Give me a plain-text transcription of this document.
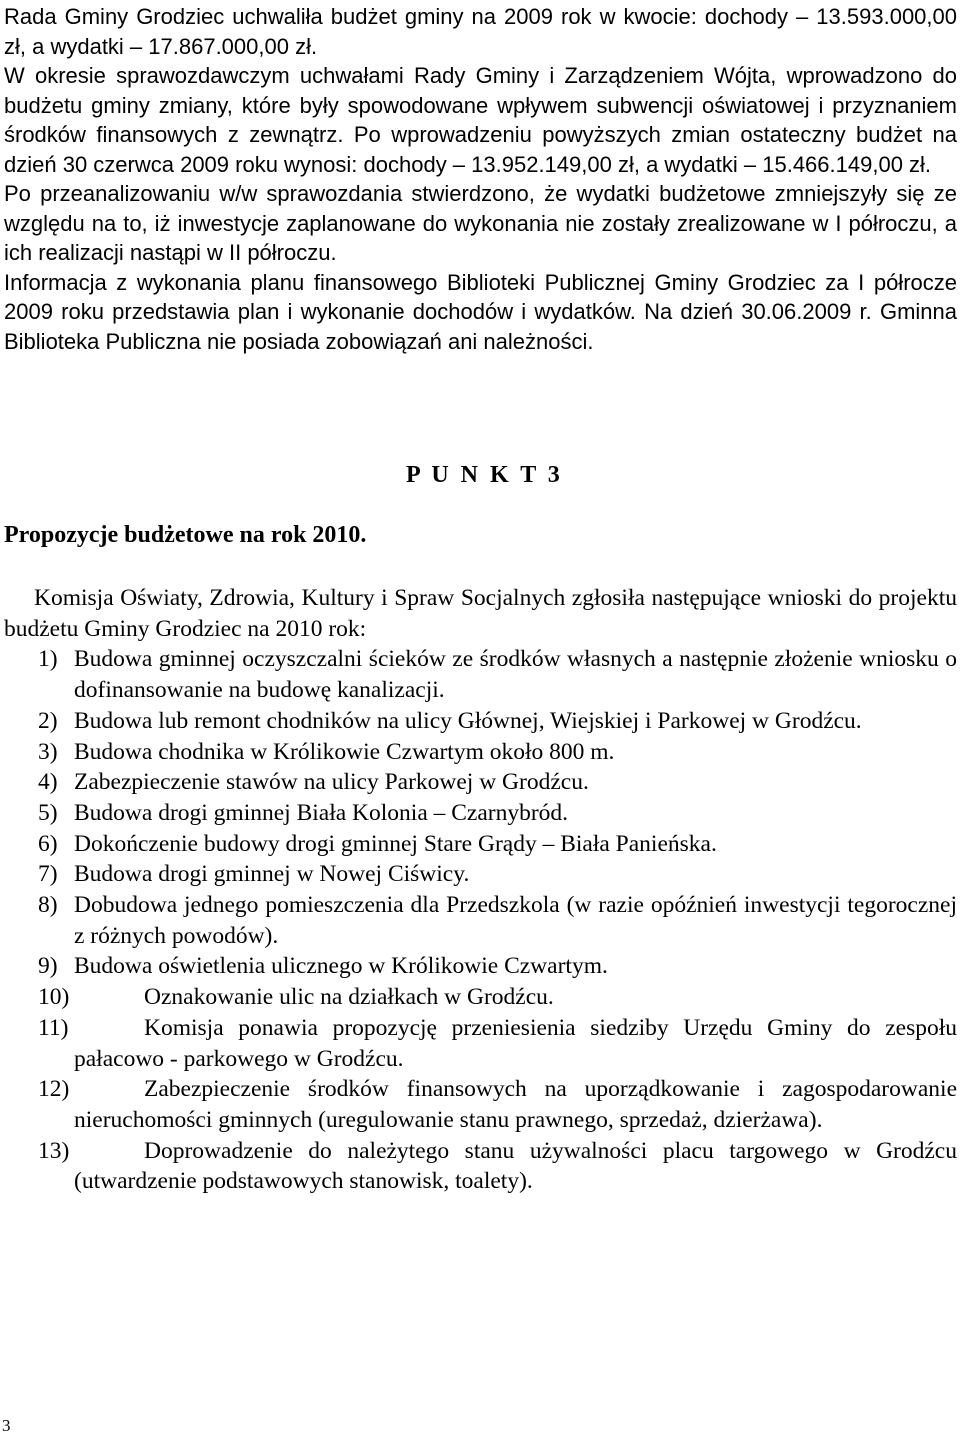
Rada Gminy Grodziec uchwaliła budżet gminy na 2009 rok w kwocie: dochody – 13.593.000,00 zł, a wydatki – 17.867.000,00 zł.

W okresie sprawozdawczym uchwałami Rady Gminy i Zarządzeniem Wójta, wprowadzono do budżetu gminy zmiany, które były spowodowane wpływem subwencji oświatowej i przyznaniem środków finansowych z zewnątrz. Po wprowadzeniu powyższych zmian ostateczny budżet na dzień 30 czerwca 2009 roku wynosi: dochody – 13.952.149,00 zł, a wydatki – 15.466.149,00 zł.

Po przeanalizowaniu w/w sprawozdania stwierdzono, że wydatki budżetowe zmniejszyły się ze względu na to, iż inwestycje zaplanowane do wykonania nie zostały zrealizowane w I półroczu, a ich realizacji nastąpi w II półroczu.

Informacja z wykonania planu finansowego Biblioteki Publicznej Gminy Grodziec za I półrocze 2009 roku przedstawia plan i wykonanie dochodów i wydatków. Na dzień 30.06.2009 r. Gminna Biblioteka Publiczna nie posiada zobowiązań ani należności.

P U N K T 3
Propozycje budżetowe na rok 2010.

Komisja Oświaty, Zdrowia, Kultury i Spraw Socjalnych zgłosiła następujące wnioski do projektu budżetu Gminy Grodziec na 2010 rok:

1) Budowa gminnej oczyszczalni ścieków ze środków własnych a następnie złożenie wniosku o dofinansowanie na budowę kanalizacji.
2) Budowa lub remont chodników na ulicy Głównej, Wiejskiej i Parkowej w Grodźcu.
3) Budowa chodnika w Królikowie Czwartym około 800 m.
4) Zabezpieczenie stawów na ulicy Parkowej w Grodźcu.
5) Budowa drogi gminnej Biała Kolonia – Czarnybród.
6) Dokończenie budowy drogi gminnej Stare Grądy – Biała Panieńska.
7) Budowa drogi gminnej w Nowej Ciświcy.
8) Dobudowa jednego pomieszczenia dla Przedszkola (w razie opóźnień inwestycji tegorocznej z różnych powodów).
9) Budowa oświetlenia ulicznego w Królikowie Czwartym.
10)	Oznakowanie ulic na działkach w Grodźcu.
11)	Komisja ponawia propozycję przeniesienia siedziby Urzędu Gminy do zespołu pałacowo - parkowego w Grodźcu.
12)	Zabezpieczenie środków finansowych na uporządkowanie i zagospodarowanie nieruchomości gminnych (uregulowanie stanu prawnego, sprzedaż, dzierżawa).
13)	Doprowadzenie do należytego stanu używalności placu targowego w Grodźcu (utwardzenie podstawowych stanowisk, toalety).
3
